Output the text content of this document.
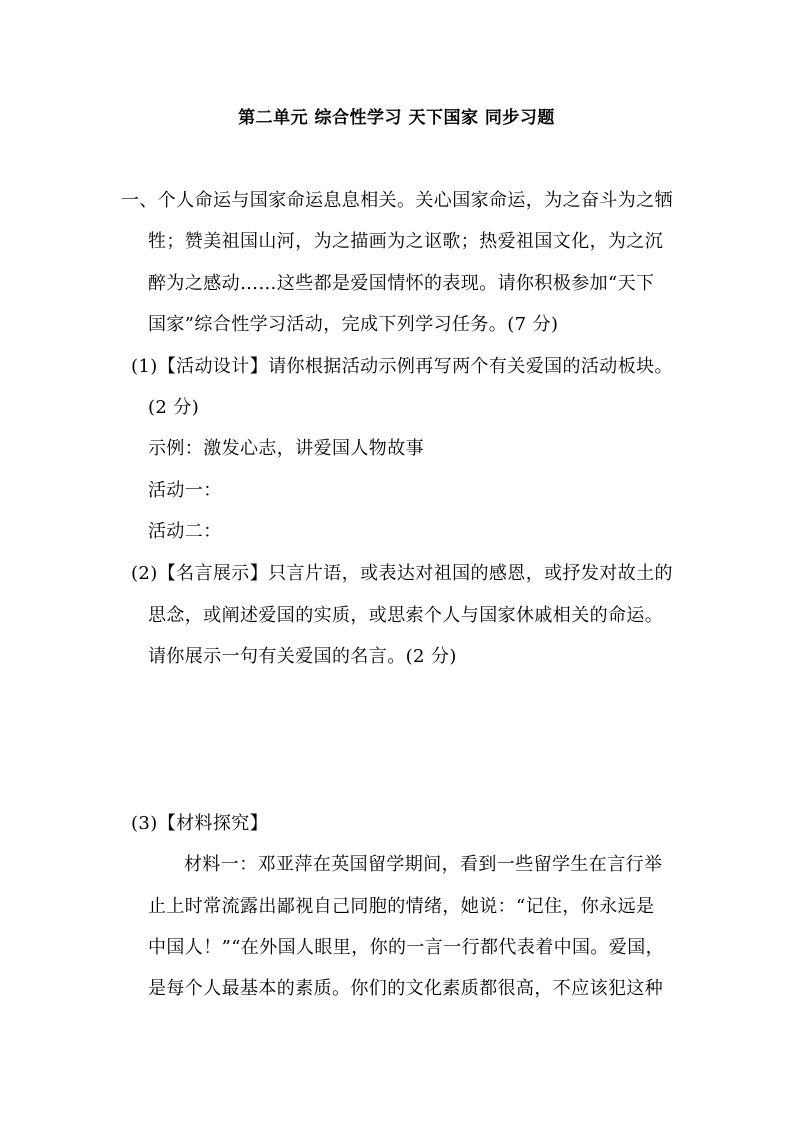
第二单元 综合性学习 天下国家 同步习题
一、个人命运与国家命运息息相关。关心国家命运，为之奋斗为之牺
牲；赞美祖国山河，为之描画为之讴歌；热爱祖国文化，为之沉
醉为之感动……这些都是爱国情怀的表现。请你积极参加“天下
国家”综合性学习活动，完成下列学习任务。(7 分)
(1)【活动设计】请你根据活动示例再写两个有关爱国的活动板块。
(2 分)
示例：激发心志，讲爱国人物故事
活动一：
活动二：
(2)【名言展示】只言片语，或表达对祖国的感恩，或抒发对故土的
思念，或阐述爱国的实质，或思索个人与国家休戚相关的命运。
请你展示一句有关爱国的名言。(2 分)
(3)【材料探究】
材料一：邓亚萍在英国留学期间，看到一些留学生在言行举
止上时常流露出鄙视自己同胞的情绪，她说：“记住，你永远是
中国人！”“在外国人眼里，你的一言一行都代表着中国。爱国，
是每个人最基本的素质。你们的文化素质都很高，不应该犯这种
